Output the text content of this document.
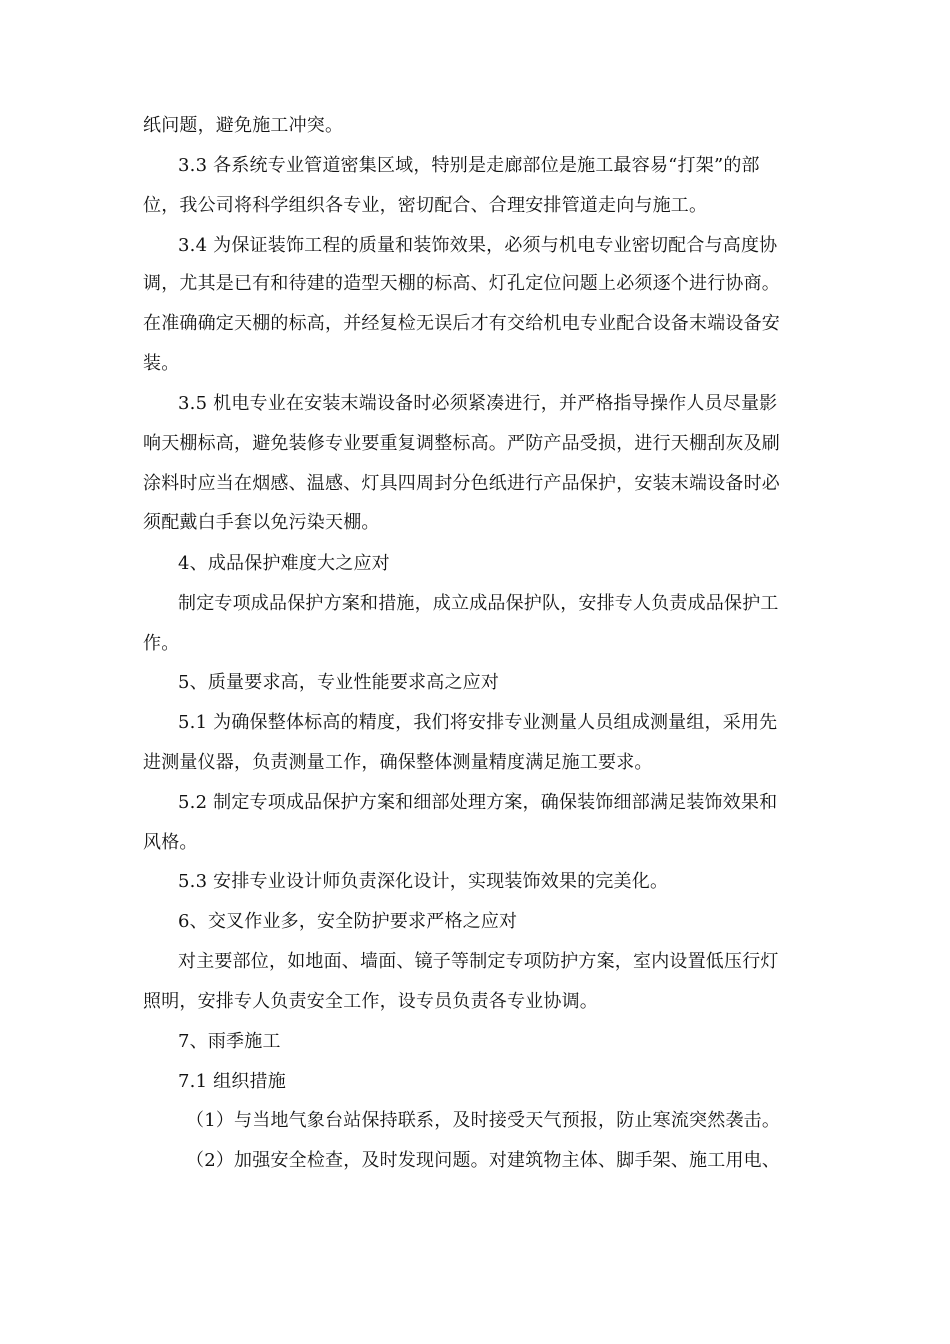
纸问题，避免施工冲突。
3.3 各系统专业管道密集区域，特别是走廊部位是施工最容易“打架”的部
位，我公司将科学组织各专业，密切配合、合理安排管道走向与施工。
3.4 为保证装饰工程的质量和装饰效果，必须与机电专业密切配合与高度协
调，尤其是已有和待建的造型天棚的标高、灯孔定位问题上必须逐个进行协商。
在准确确定天棚的标高，并经复检无误后才有交给机电专业配合设备末端设备安
装。
3.5 机电专业在安装末端设备时必须紧凑进行，并严格指导操作人员尽量影
响天棚标高，避免装修专业要重复调整标高。严防产品受损，进行天棚刮灰及刷
涂料时应当在烟感、温感、灯具四周封分色纸进行产品保护，安装末端设备时必
须配戴白手套以免污染天棚。
4、成品保护难度大之应对
制定专项成品保护方案和措施，成立成品保护队，安排专人负责成品保护工
作。
5、质量要求高，专业性能要求高之应对
5.1 为确保整体标高的精度，我们将安排专业测量人员组成测量组，采用先
进测量仪器，负责测量工作，确保整体测量精度满足施工要求。
5.2 制定专项成品保护方案和细部处理方案，确保装饰细部满足装饰效果和
风格。
5.3 安排专业设计师负责深化设计，实现装饰效果的完美化。
6、交叉作业多，安全防护要求严格之应对
对主要部位，如地面、墙面、镜子等制定专项防护方案，室内设置低压行灯
照明，安排专人负责安全工作，设专员负责各专业协调。
7、雨季施工
7.1 组织措施
（1）与当地气象台站保持联系，及时接受天气预报，防止寒流突然袭击。
（2）加强安全检查，及时发现问题。对建筑物主体、脚手架、施工用电、
